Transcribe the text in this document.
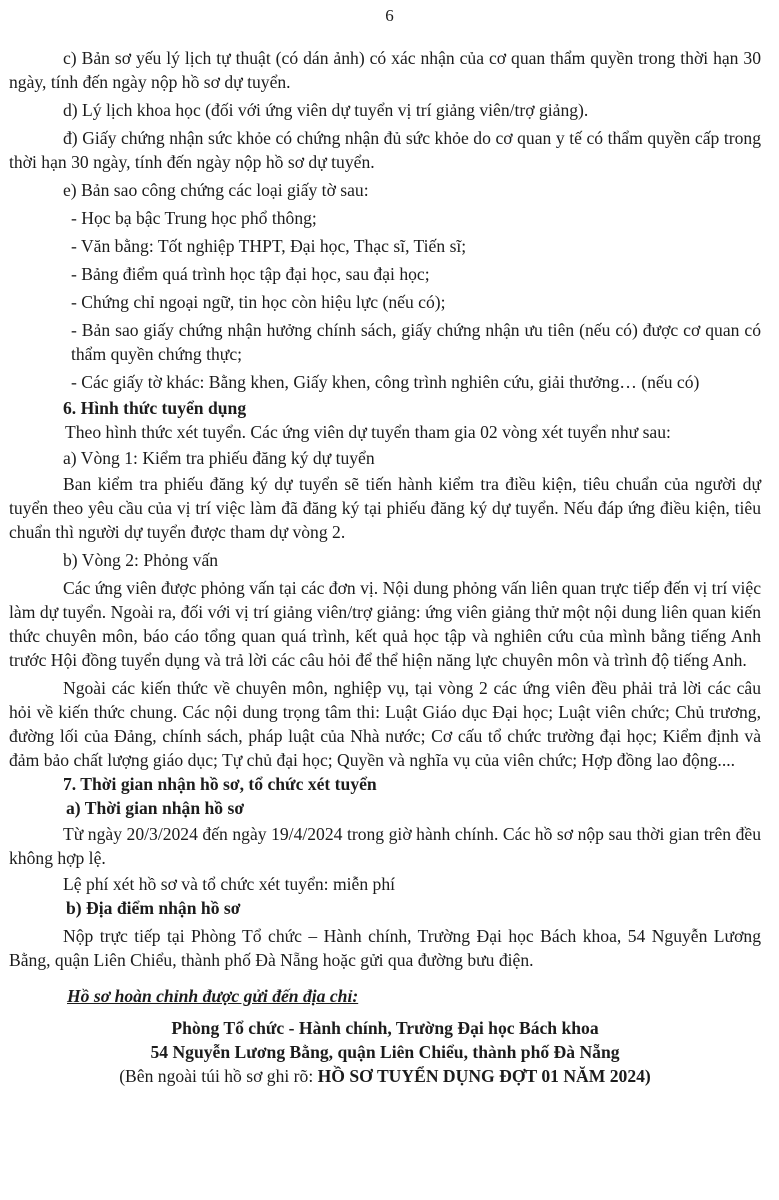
6

c) Bản sơ yếu lý lịch tự thuật (có dán ảnh) có xác nhận của cơ quan thẩm quyền trong thời hạn 30 ngày, tính đến ngày nộp hồ sơ dự tuyển.

d) Lý lịch khoa học (đối với ứng viên dự tuyển vị trí giảng viên/trợ giảng).

đ) Giấy chứng nhận sức khỏe có chứng nhận đủ sức khỏe do cơ quan y tế có thẩm quyền cấp trong thời hạn 30 ngày, tính đến ngày nộp hồ sơ dự tuyển.

e) Bản sao công chứng các loại giấy tờ sau:

- Học bạ bậc Trung học phổ thông;

- Văn bằng: Tốt nghiệp THPT, Đại học, Thạc sĩ, Tiến sĩ;

- Bảng điểm quá trình học tập đại học, sau đại học;

- Chứng chỉ ngoại ngữ, tin học còn hiệu lực (nếu có);

- Bản sao giấy chứng nhận hưởng chính sách, giấy chứng nhận ưu tiên (nếu có) được cơ quan có thẩm quyền chứng thực;

- Các giấy tờ khác: Bằng khen, Giấy khen, công trình nghiên cứu, giải thưởng… (nếu có)

6. Hình thức tuyển dụng

Theo hình thức xét tuyển. Các ứng viên dự tuyển tham gia 02 vòng xét tuyển như sau:

a) Vòng 1: Kiểm tra phiếu đăng ký dự tuyển

Ban kiểm tra phiếu đăng ký dự tuyển sẽ tiến hành kiểm tra điều kiện, tiêu chuẩn của người dự tuyển theo yêu cầu của vị trí việc làm đã đăng ký tại phiếu đăng ký dự tuyển. Nếu đáp ứng điều kiện, tiêu chuẩn thì người dự tuyển được tham dự vòng 2.

b) Vòng 2: Phỏng vấn

Các ứng viên được phỏng vấn tại các đơn vị. Nội dung phỏng vấn liên quan trực tiếp đến vị trí việc làm dự tuyển. Ngoài ra, đối với vị trí giảng viên/trợ giảng: ứng viên giảng thử một nội dung liên quan kiến thức chuyên môn, báo cáo tổng quan quá trình, kết quả học tập và nghiên cứu của mình bằng tiếng Anh trước Hội đồng tuyển dụng và trả lời các câu hỏi để thể hiện năng lực chuyên môn và trình độ tiếng Anh.

Ngoài các kiến thức về chuyên môn, nghiệp vụ, tại vòng 2 các ứng viên đều phải trả lời các câu hỏi về kiến thức chung. Các nội dung trọng tâm thi: Luật Giáo dục Đại học; Luật viên chức; Chủ trương, đường lối của Đảng, chính sách, pháp luật của Nhà nước; Cơ cấu tổ chức trường đại học; Kiểm định và đảm bảo chất lượng giáo dục; Tự chủ đại học; Quyền và nghĩa vụ của viên chức; Hợp đồng lao động....

7. Thời gian nhận hồ sơ, tổ chức xét tuyển

a) Thời gian nhận hồ sơ

Từ ngày 20/3/2024 đến ngày 19/4/2024 trong giờ hành chính. Các hồ sơ nộp sau thời gian trên đều không hợp lệ.

Lệ phí xét hồ sơ và tổ chức xét tuyển: miễn phí

b) Địa điểm nhận hồ sơ

Nộp trực tiếp tại Phòng Tổ chức – Hành chính, Trường Đại học Bách khoa, 54 Nguyễn Lương Bằng, quận Liên Chiểu, thành phố Đà Nẵng hoặc gửi qua đường bưu điện.

Hồ sơ hoàn chỉnh được gửi đến địa chỉ:

Phòng Tổ chức - Hành chính, Trường Đại học Bách khoa

54 Nguyễn Lương Bằng, quận Liên Chiểu, thành phố Đà Nẵng

(Bên ngoài túi hồ sơ ghi rõ: HỒ SƠ TUYỂN DỤNG ĐỢT 01 NĂM 2024)
